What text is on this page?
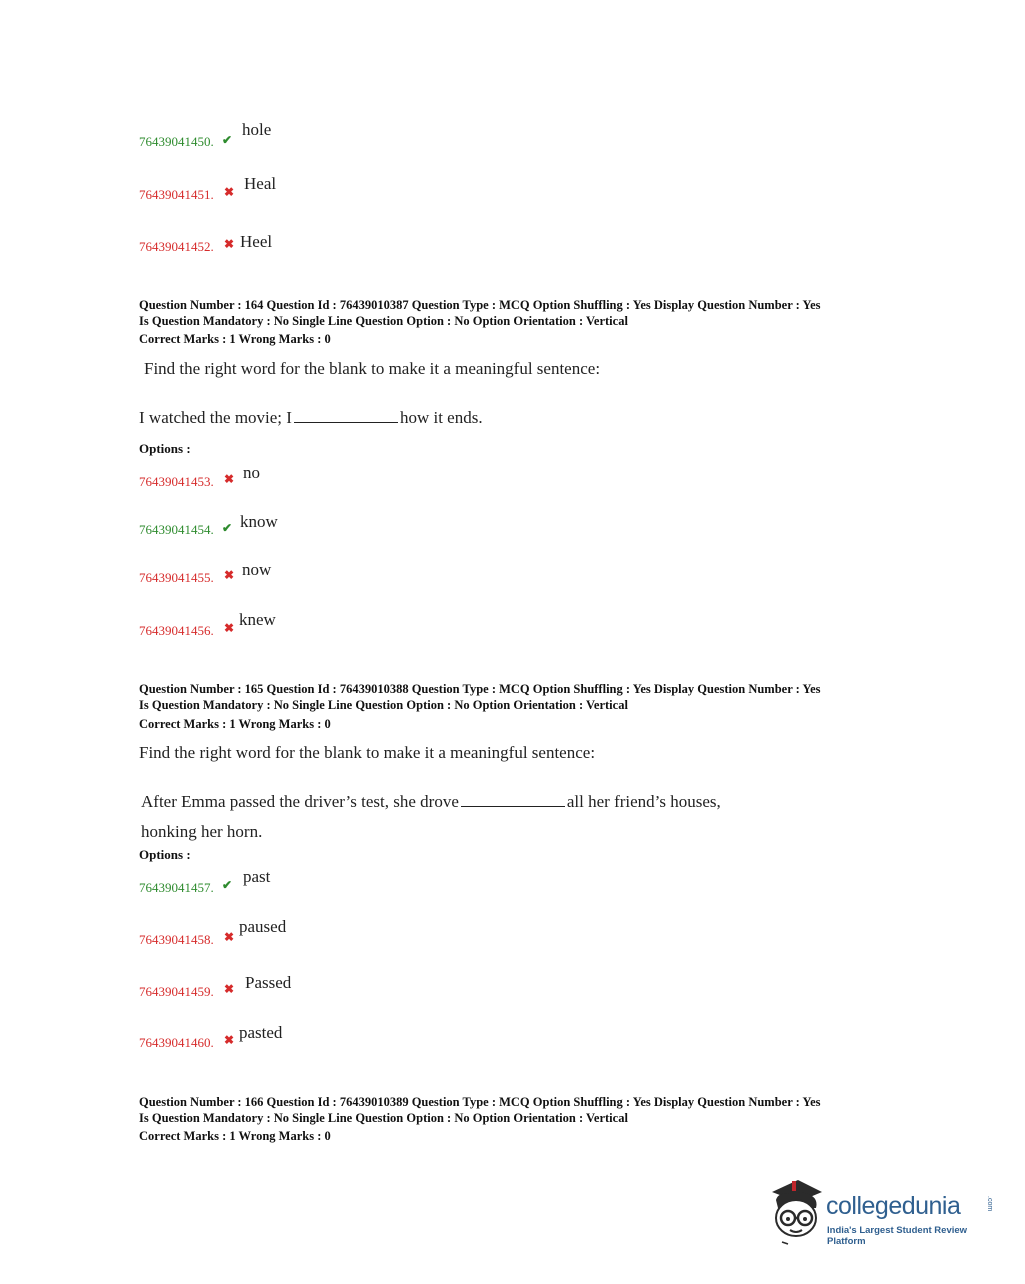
76439041450. ✔
hole
76439041451. ✖ Heal
76439041452. ✖ Heel
Question Number : 164 Question Id : 76439010387 Question Type : MCQ Option Shuffling : Yes Display Question Number : Yes
Is Question Mandatory : No Single Line Question Option : No Option Orientation : Vertical
Correct Marks : 1 Wrong Marks : 0
Find the right word for the blank to make it a meaningful sentence:
I watched the movie; I	how it ends.
Options :
76439041453. ✖ no
76439041454. ✔ know
76439041455. ✖ now
76439041456. ✖ knew
Question Number : 165 Question Id : 76439010388 Question Type : MCQ Option Shuffling : Yes Display Question Number : Yes
Is Question Mandatory : No Single Line Question Option : No Option Orientation : Vertical
Correct Marks : 1 Wrong Marks : 0
Find the right word for the blank to make it a meaningful sentence:
After Emma passed the driver’s test, she drove	all her friend’s houses,
honking her horn.
Options :
76439041457. ✔ past
76439041458. ✖
paused
76439041459. ✖ Passed
76439041460. ✖ pasted
Question Number : 166 Question Id : 76439010389 Question Type : MCQ Option Shuffling : Yes Display Question Number : Yes
Is Question Mandatory : No Single Line Question Option : No Option Orientation : Vertical
Correct Marks : 1 Wrong Marks : 0
collegedunia	.com
India's Largest Student Review Platform
